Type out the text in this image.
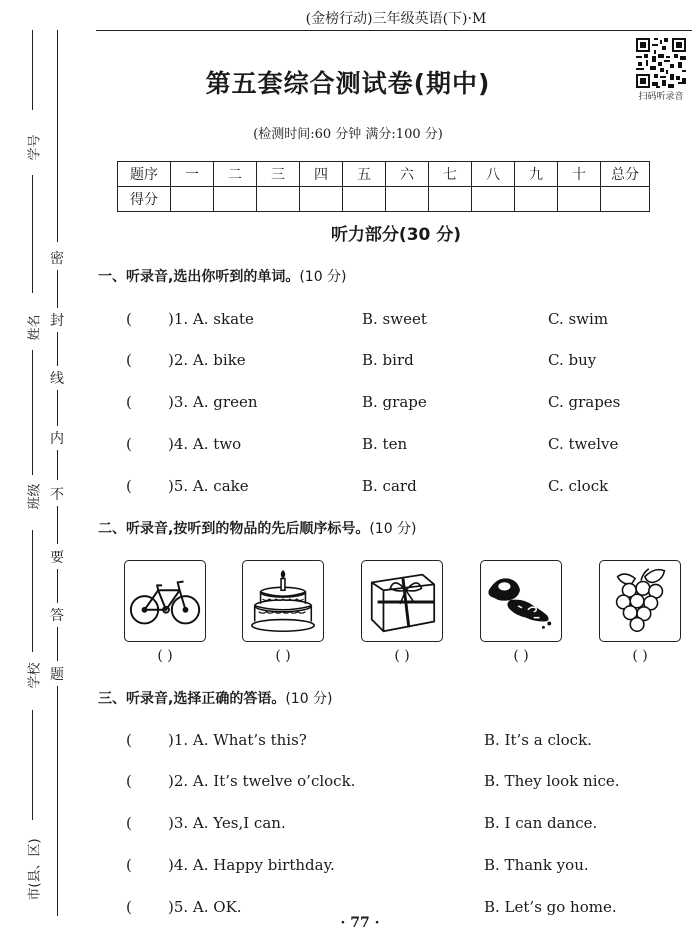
学号
姓名
班级
学校
市(县、区)
密
封
线
内
不
要
答
题
(金榜行动)三年级英语(下)·M
扫码听录音
第五套综合测试卷(期中)
(检测时间:60 分钟 满分:100 分)
题序	一	二	三	四	五	六	七	八	九	十	总分
得分											
听力部分(30 分)
一、听录音,选出你听到的单词。(10 分)
( )1. A. skate	B. sweet	C. swim
( )2. A. bike	B. bird	C. buy
( )3. A. green	B. grape	C. grapes
( )4. A. two	B. ten	C. twelve
( )5. A. cake	B. card	C. clock
二、听录音,按听到的物品的先后顺序标号。(10 分)
( )	( )	( )	( )	( )
三、听录音,选择正确的答语。(10 分)
( )1. A. What’s this?	B. It’s a clock.
( )2. A. It’s twelve o’clock.	B. They look nice.
( )3. A. Yes,I can.	B. I can dance.
( )4. A. Happy birthday.	B. Thank you.
( )5. A. OK.	B. Let’s go home.
· 77 ·
